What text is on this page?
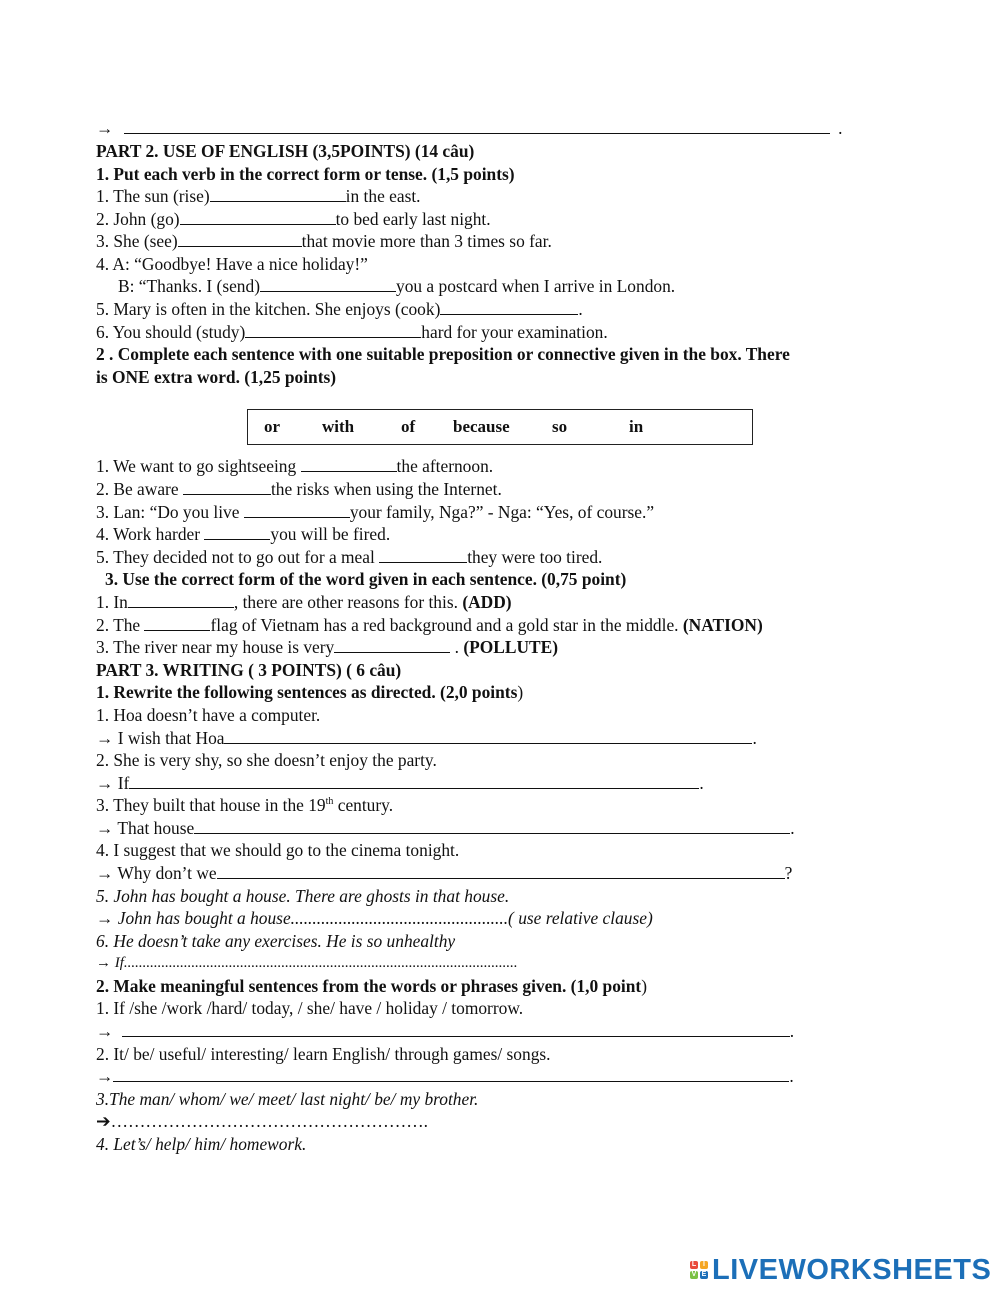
→	.
PART 2. USE OF ENGLISH (3,5POINTS) (14 câu)
1. Put each verb in the correct form or tense. (1,5 points)
1. The sun (rise)	in the east.
2. John (go)	to bed early last night.
3. She (see)	that movie more than 3 times so far.
4. A: “Goodbye! Have a nice holiday!”
B: “Thanks. I (send)	you a postcard when I arrive in London.
5. Mary is often in the kitchen. She enjoys (cook)	.
6. You should (study)	hard for your examination.
2 . Complete each sentence with one suitable preposition or connective given in the box. There
is ONE extra word. (1,25 points)
or	with	of	because	so	in
1. We want to go sightseeing	the afternoon.
2. Be aware	the risks when using the Internet.
3. Lan: “Do you live	your family, Nga?” - Nga: “Yes, of course.”
4. Work harder	you will be fired.
5. They decided not to go out for a meal	they were too tired.
3. Use the correct form of the word given in each sentence. (0,75 point)
1. In	, there are other reasons for this. (ADD)
2. The	flag of Vietnam has a red background and a gold star in the middle. (NATION)
3. The river near my house is very	. (POLLUTE)
PART 3. WRITING ( 3 POINTS) ( 6 câu)
1. Rewrite the following sentences as directed. (2,0 points)
1. Hoa doesn’t have a computer.
→ I wish that Hoa	.
2. She is very shy, so she doesn’t enjoy the party.
→ If	.
3. They built that house in the 19th century.
→ That house	.
4. I suggest that we should go to the cinema tonight.
→ Why don’t we	?
5. John has bought a house. There are ghosts in that house.
→ John has bought a house..................................................( use relative clause)
6. He doesn’t take any exercises. He is so unhealthy
→ If.........................................................................................................
2. Make meaningful sentences from the words or phrases given. (1,0 point)
1. If /she /work /hard/ today, / she/ have / holiday / tomorrow.
→	.
2. It/ be/ useful/ interesting/ learn English/ through games/ songs.
→	.
3.The man/ whom/ we/ meet/ last night/ be/ my brother.
➔……………………………………………….
4. Let’s/ help/ him/ homework.
L I
V E LIVEWORKSHEETS
